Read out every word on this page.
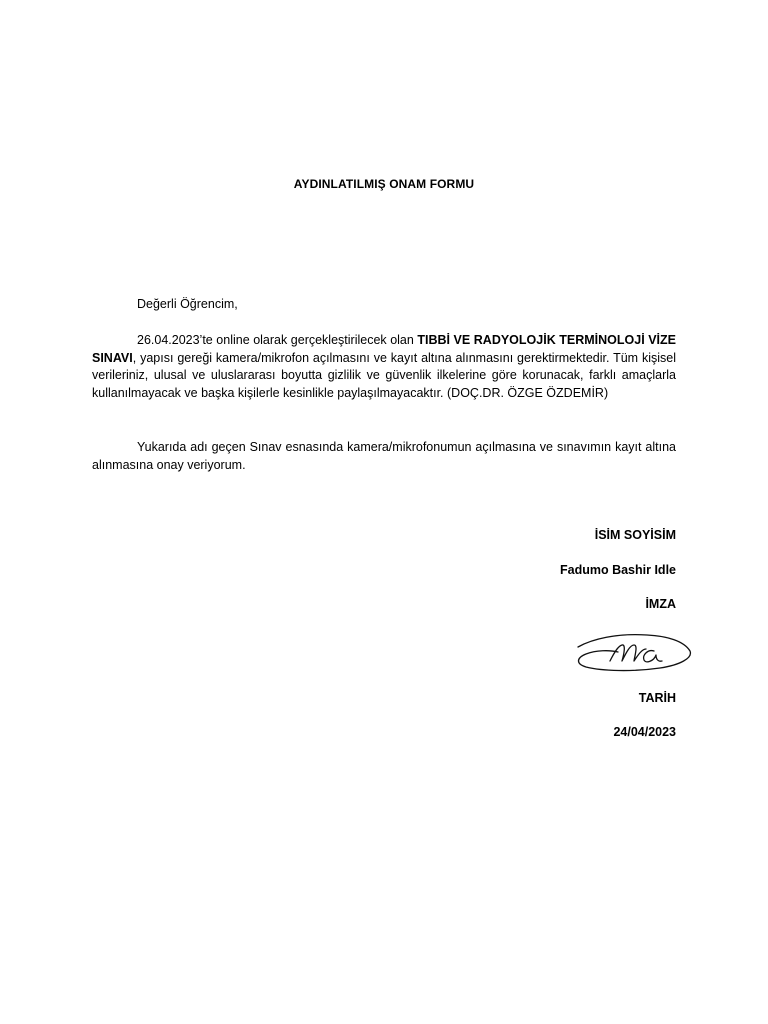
AYDINLATILMIŞ ONAM FORMU
Değerli Öğrencim,
26.04.2023’te online olarak gerçekleştirilecek olan TIBBİ VE RADYOLOJİK TERMİNOLOJİ VİZE SINAVI, yapısı gereği kamera/mikrofon açılmasını ve kayıt altına alınmasını gerektirmektedir. Tüm kişisel verileriniz, ulusal ve uluslararası boyutta gizlilik ve güvenlik ilkelerine göre korunacak, farklı amaçlarla kullanılmayacak ve başka kişilerle kesinlikle paylaşılmayacaktır. (DOÇ.DR. ÖZGE ÖZDEMİR)
Yukarıda adı geçen Sınav esnasında kamera/mikrofonumun açılmasına ve sınavımın kayıt altına alınmasına onay veriyorum.
İSİM SOYİSİM
Fadumo Bashir Idle
İMZA
TARİH
24/04/2023
